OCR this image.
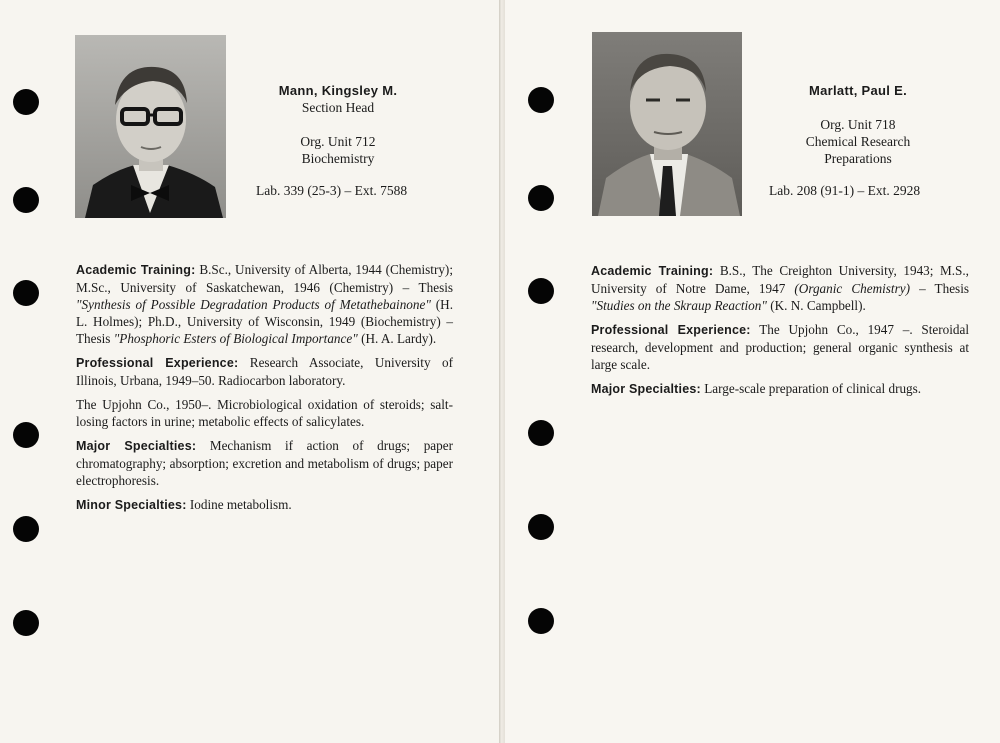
Mann, Kingsley M.
Section Head
Org. Unit 712
Biochemistry
Lab. 339 (25-3) – Ext. 7588

Academic Training: B.Sc., University of Alberta, 1944 (Chemistry); M.Sc., University of Saskatchewan, 1946 (Chemistry) – Thesis "Synthesis of Possible Degradation Products of Metathebainone" (H. L. Holmes); Ph.D., University of Wisconsin, 1949 (Biochemistry) – Thesis "Phosphoric Esters of Biological Importance" (H. A. Lardy).

Professional Experience: Research Associate, University of Illinois, Urbana, 1949–50. Radiocarbon laboratory.

The Upjohn Co., 1950–. Microbiological oxidation of steroids; salt-losing factors in urine; metabolic effects of salicylates.

Major Specialties: Mechanism if action of drugs; paper chromatography; absorption; excretion and metabolism of drugs; paper electrophoresis.

Minor Specialties: Iodine metabolism.

Marlatt, Paul E.
Org. Unit 718
Chemical Research
Preparations
Lab. 208 (91-1) – Ext. 2928

Academic Training: B.S., The Creighton University, 1943; M.S., University of Notre Dame, 1947 (Organic Chemistry) – Thesis "Studies on the Skraup Reaction" (K. N. Campbell).

Professional Experience: The Upjohn Co., 1947 –. Steroidal research, development and production; general organic synthesis at large scale.

Major Specialties: Large-scale preparation of clinical drugs.
